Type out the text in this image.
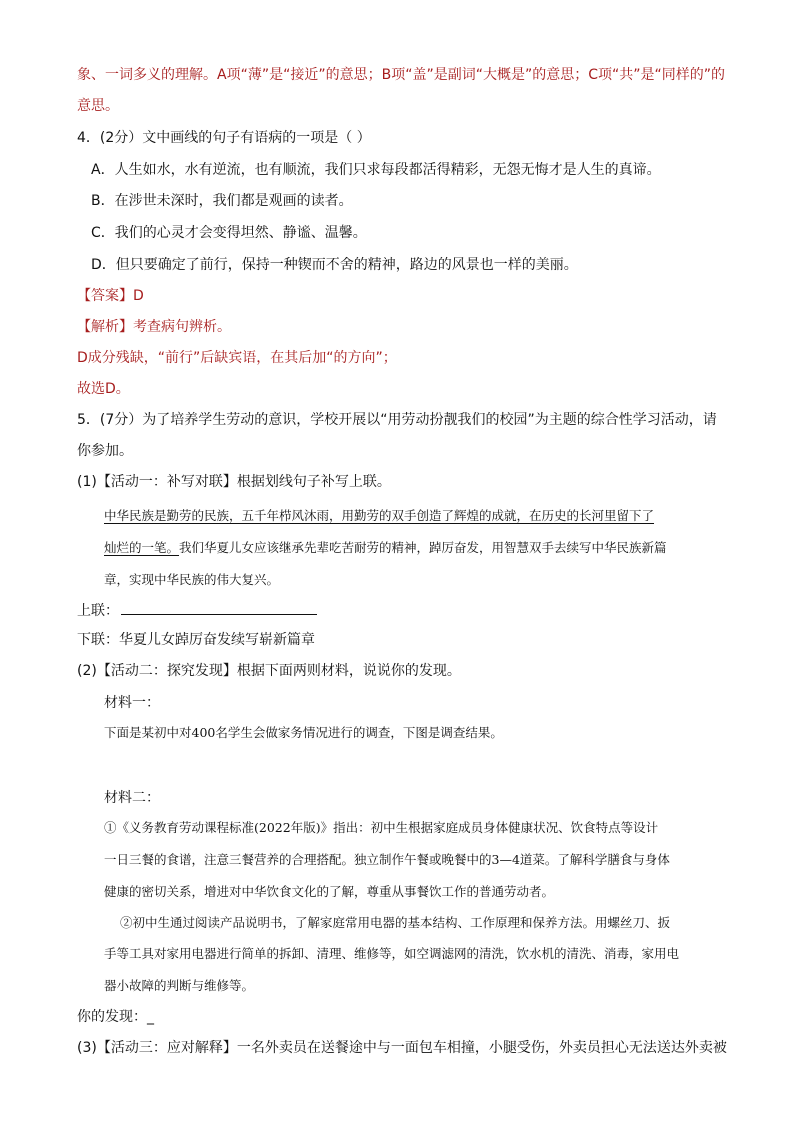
象、一词多义的理解。A项“薄”是“接近”的意思；B项“盖”是副词“大概是”的意思；C项“共”是“同样的”的
意思。
4．(2分）文中画线的句子有语病的一项是（ ）
A．人生如水，水有逆流，也有顺流，我们只求每段都活得精彩，无怨无悔才是人生的真谛。
B．在涉世未深时，我们都是观画的读者。
C．我们的心灵才会变得坦然、静谧、温馨。
D．但只要确定了前行，保持一种锲而不舍的精神，路边的风景也一样的美丽。
【答案】D
【解析】考查病句辨析。
D成分残缺，“前行”后缺宾语，在其后加“的方向”；
故选D。
5．(7分）为了培养学生劳动的意识，学校开展以“用劳动扮靓我们的校园”为主题的综合性学习活动，请
你参加。
(1)【活动一：补写对联】根据划线句子补写上联。
中华民族是勤劳的民族，五千年栉风沐雨，用勤劳的双手创造了辉煌的成就，在历史的长河里留下了
灿烂的一笔。我们华夏儿女应该继承先辈吃苦耐劳的精神，踔厉奋发，用智慧双手去续写中华民族新篇
章，实现中华民族的伟大复兴。
上联：
下联：华夏儿女踔厉奋发续写崭新篇章
(2)【活动二：探究发现】根据下面两则材料，说说你的发现。
材料一：
下面是某初中对400名学生会做家务情况进行的调查，下图是调查结果。
材料二：
①《义务教育劳动课程标准(2022年版)》指出：初中生根据家庭成员身体健康状况、饮食特点等设计
一日三餐的食谱，注意三餐营养的合理搭配。独立制作午餐或晚餐中的3—4道菜。了解科学膳食与身体
健康的密切关系，增进对中华饮食文化的了解，尊重从事餐饮工作的普通劳动者。
②初中生通过阅读产品说明书，了解家庭常用电器的基本结构、工作原理和保养方法。用螺丝刀、扳
手等工具对家用电器进行简单的拆卸、清理、维修等，如空调滤网的清洗，饮水机的清洗、消毒，家用电
器小故障的判断与维修等。
你的发现：_
(3)【活动三：应对解释】一名外卖员在送餐途中与一面包车相撞，小腿受伤，外卖员担心无法送达外卖被
